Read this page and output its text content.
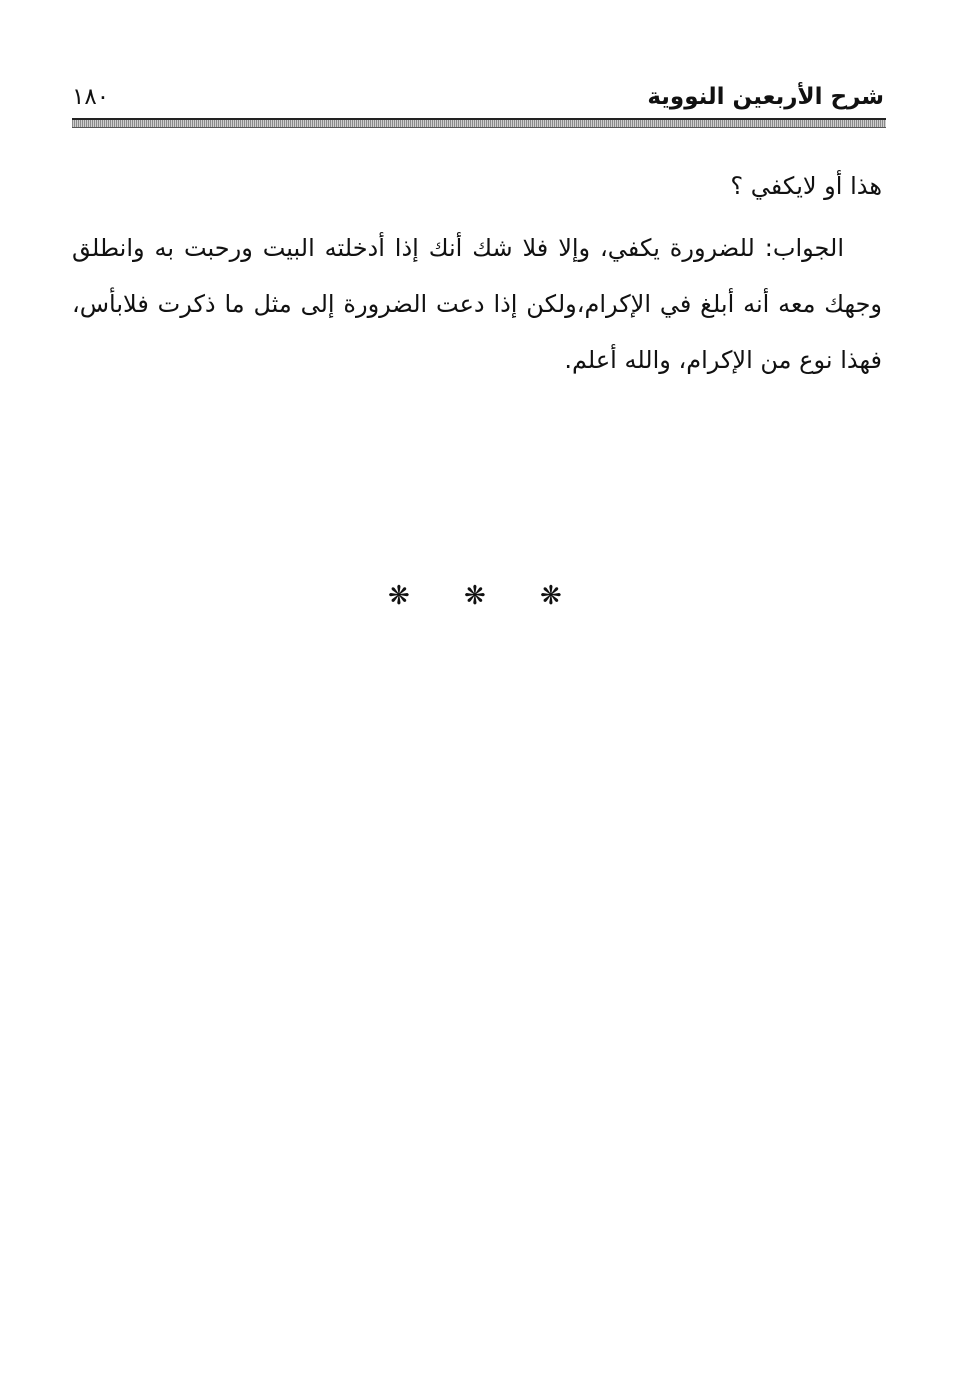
شرح الأربعين النووية
١٨٠

هذا أو لايكفي ؟

الجواب: للضرورة يكفي، وإلا فلا شك أنك إذا أدخلته البيت ورحبت به وانطلق وجهك معه أنه أبلغ في الإكرام،ولكن إذا دعت الضرورة إلى مثل ما ذكرت فلابأس، فهذا نوع من الإكرام، والله أعلم.

❋ ❋ ❋
